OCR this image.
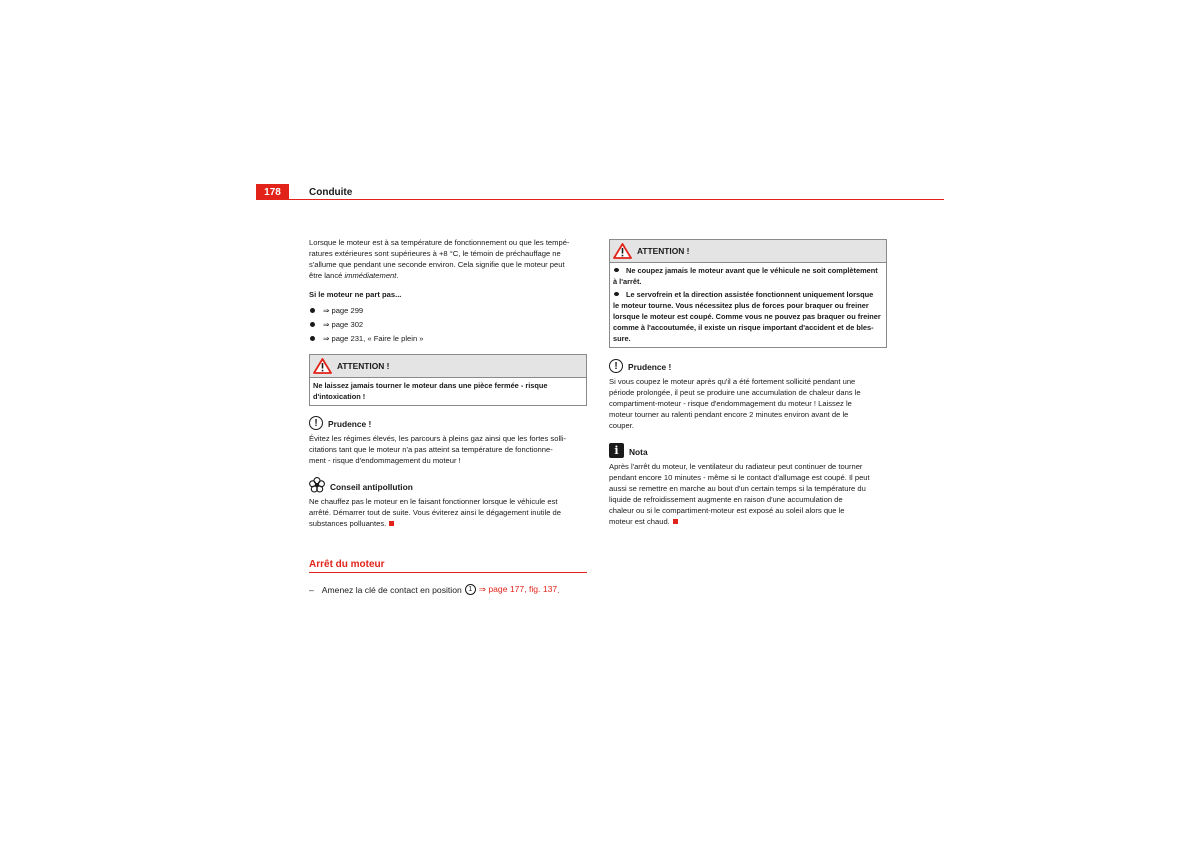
178	Conduite

Lorsque le moteur est à sa température de fonctionnement ou que les tempé-
ratures extérieures sont supérieures à +8 °C, le témoin de préchauffage ne
s'allume que pendant une seconde environ. Cela signifie que le moteur peut
être lancé immédiatement.

Si le moteur ne part pas...

⇒ page 299
⇒ page 302
⇒ page 231, « Faire le plein »
ATTENTION !
Ne laissez jamais tourner le moteur dans une pièce fermée - risque
d'intoxication !
!	Prudence !

Évitez les régimes élevés, les parcours à pleins gaz ainsi que les fortes solli-
citations tant que le moteur n'a pas atteint sa température de fonctionne-
ment - risque d'endommagement du moteur !

Conseil antipollution

Ne chauffez pas le moteur en le faisant fonctionner lorsque le véhicule est
arrêté. Démarrer tout de suite. Vous éviterez ainsi le dégagement inutile de
substances polluantes.

Arrêt du moteur
– Amenez la clé de contact en position 1 ⇒ page 177, fig. 137 .
ATTENTION !
Ne coupez jamais le moteur avant que le véhicule ne soit complètement
à l'arrêt.
Le servofrein et la direction assistée fonctionnent uniquement lorsque
le moteur tourne. Vous nécessitez plus de forces pour braquer ou freiner
lorsque le moteur est coupé. Comme vous ne pouvez pas braquer ou freiner
comme à l'accoutumée, il existe un risque important d'accident et de bles-
sure.
!	Prudence !

Si vous coupez le moteur après qu'il a été fortement sollicité pendant une
période prolongée, il peut se produire une accumulation de chaleur dans le
compartiment-moteur - risque d'endommagement du moteur ! Laissez le
moteur tourner au ralenti pendant encore 2 minutes environ avant de le
couper.

i	Nota

Après l'arrêt du moteur, le ventilateur du radiateur peut continuer de tourner
pendant encore 10 minutes - même si le contact d'allumage est coupé. Il peut
aussi se remettre en marche au bout d'un certain temps si la température du
liquide de refroidissement augmente en raison d'une accumulation de
chaleur ou si le compartiment-moteur est exposé au soleil alors que le
moteur est chaud.
